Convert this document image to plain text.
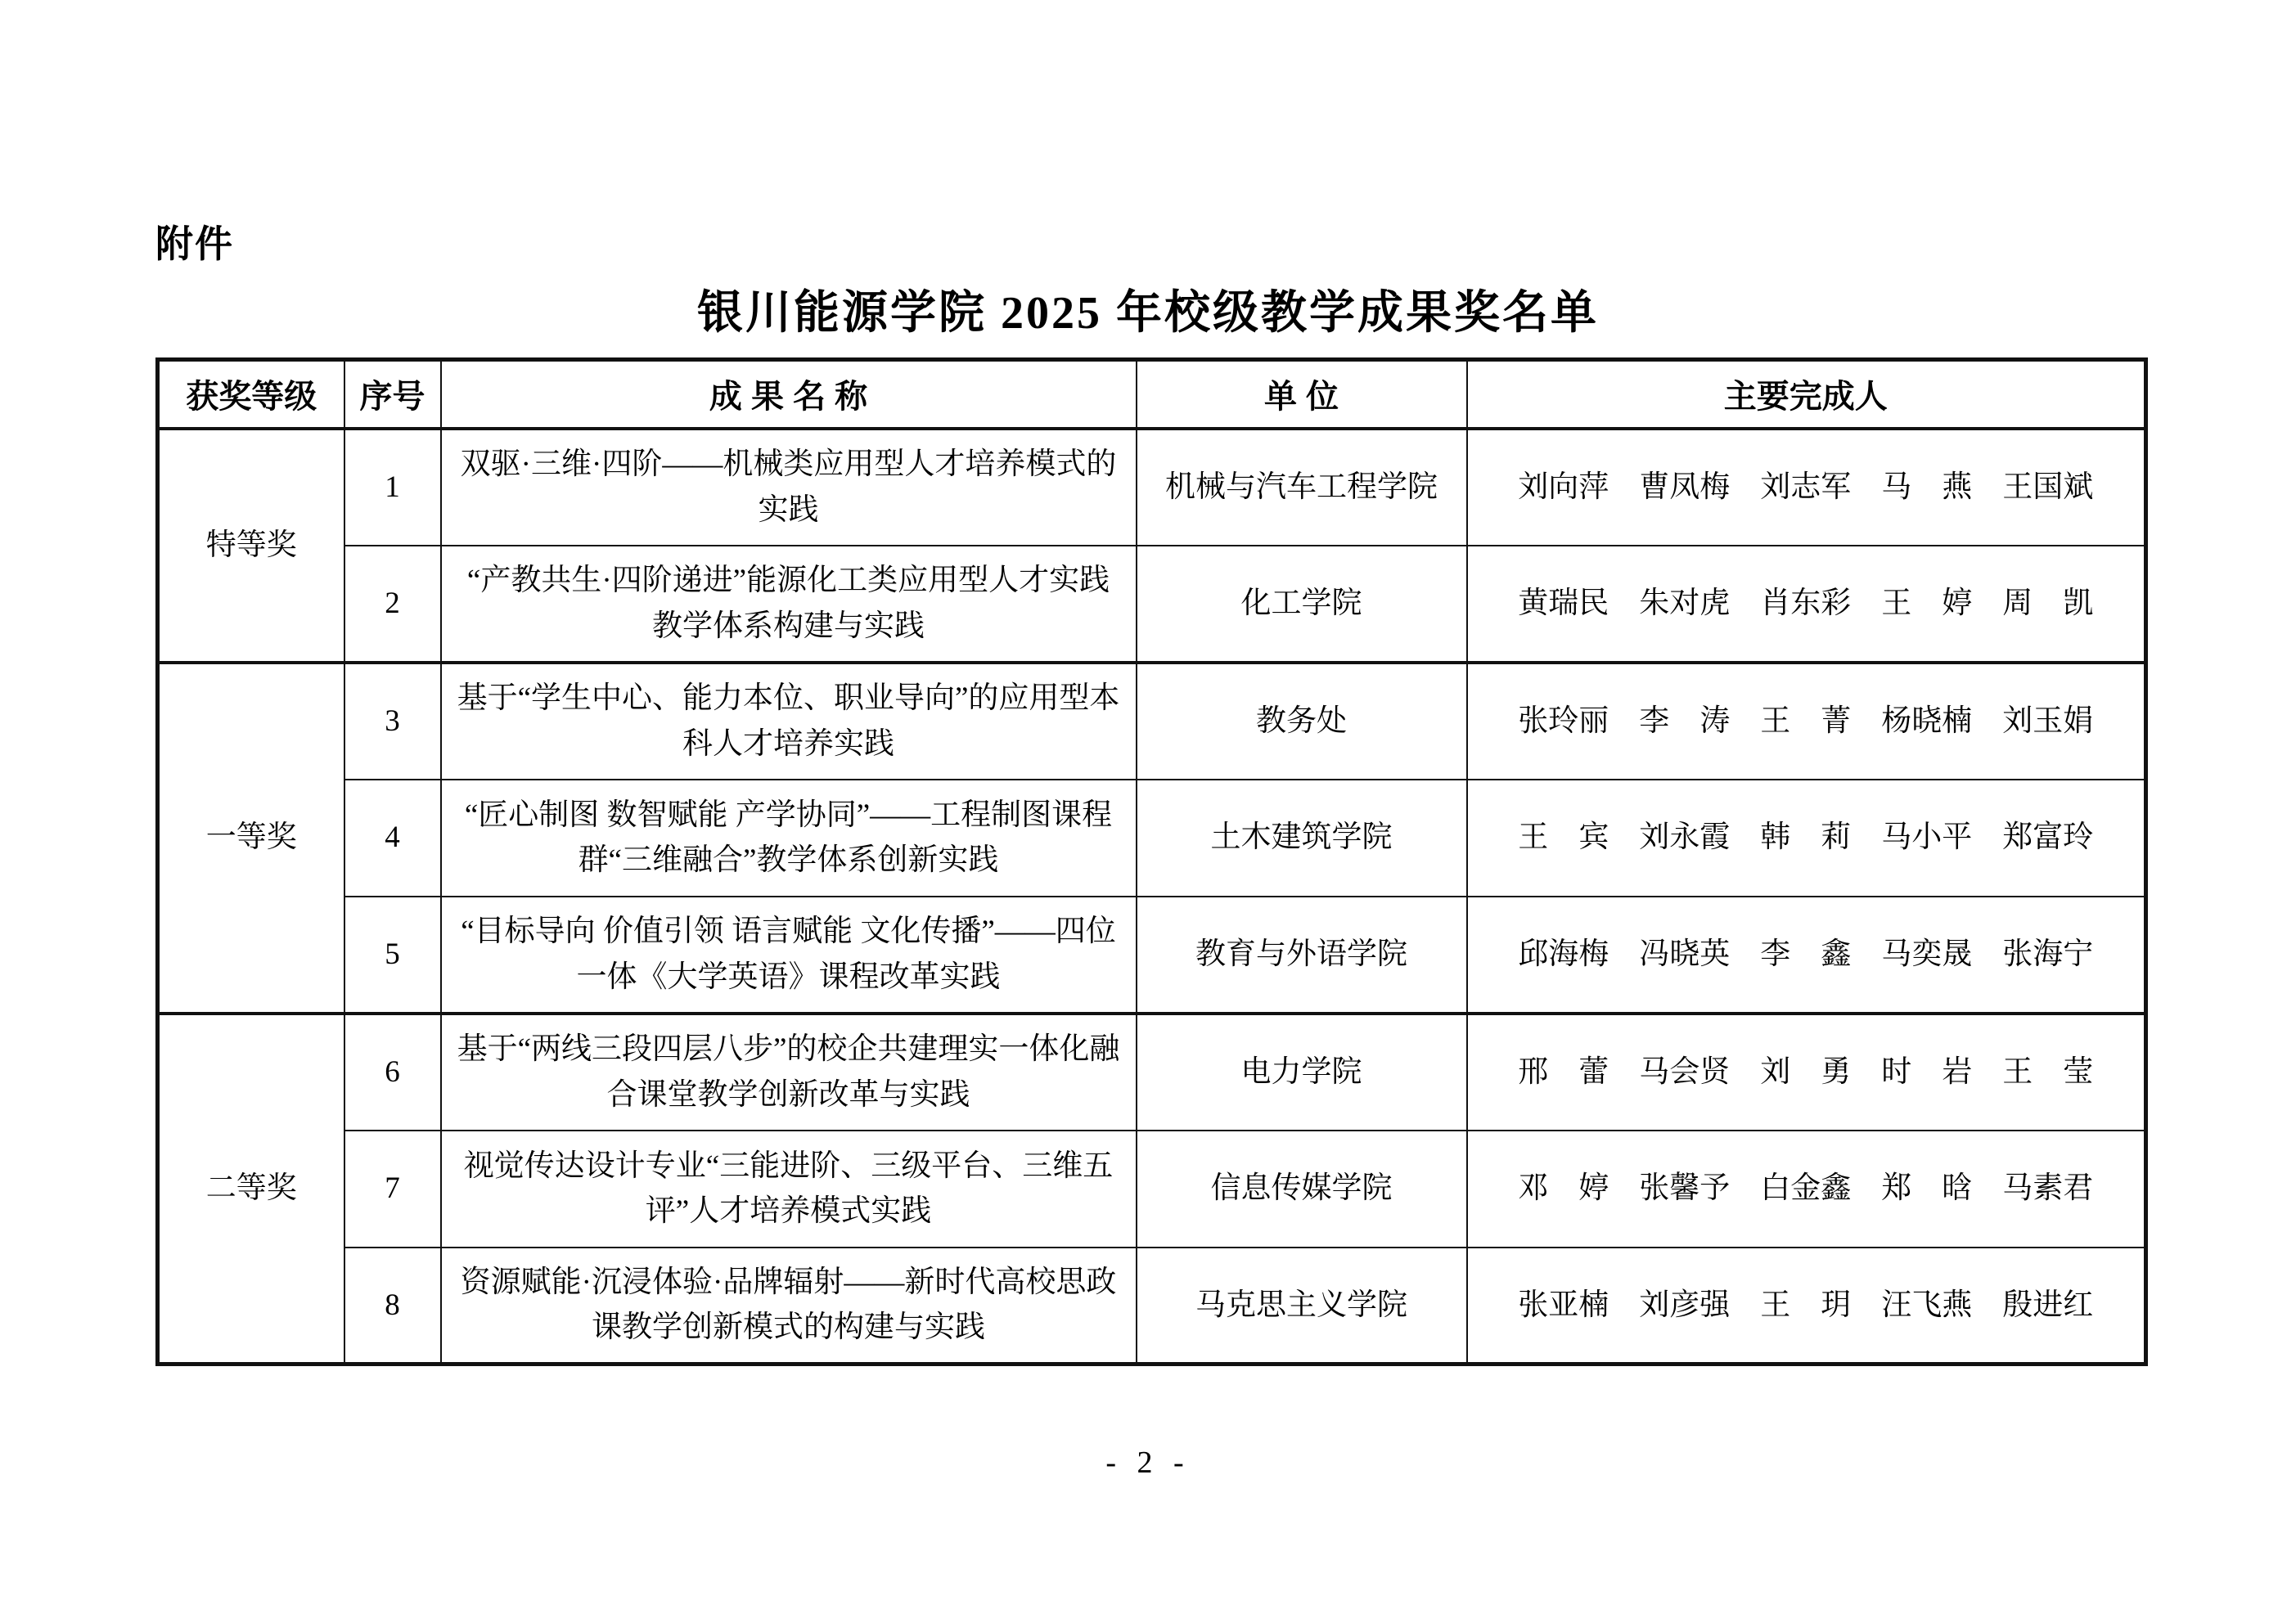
附件
银川能源学院 2025 年校级教学成果奖名单
获奖等级	序号	成 果 名 称	单 位	主要完成人
特等奖	1	双驱·三维·四阶——机械类应用型人才培养模式的实践	机械与汽车工程学院	刘向萍　曹凤梅　刘志军　马　燕　王国斌
	2	“产教共生·四阶递进”能源化工类应用型人才实践教学体系构建与实践	化工学院	黄瑞民　朱对虎　肖东彩　王　婷　周　凯
一等奖	3	基于“学生中心、能力本位、职业导向”的应用型本科人才培养实践	教务处	张玲丽　李　涛　王　菁　杨晓楠　刘玉娟
	4	“匠心制图 数智赋能 产学协同”——工程制图课程群“三维融合”教学体系创新实践	土木建筑学院	王　宾　刘永霞　韩　莉　马小平　郑富玲
	5	“目标导向 价值引领 语言赋能 文化传播”——四位一体《大学英语》课程改革实践	教育与外语学院	邱海梅　冯晓英　李　鑫　马奕晟　张海宁
二等奖	6	基于“两线三段四层八步”的校企共建理实一体化融合课堂教学创新改革与实践	电力学院	邢　蕾　马会贤　刘　勇　时　岩　王　莹
	7	视觉传达设计专业“三能进阶、三级平台、三维五评”人才培养模式实践	信息传媒学院	邓　婷　张馨予　白金鑫　郑　晗　马素君
	8	资源赋能·沉浸体验·品牌辐射——新时代高校思政课教学创新模式的构建与实践	马克思主义学院	张亚楠　刘彦强　王　玥　汪飞燕　殷进红
- 2 -
